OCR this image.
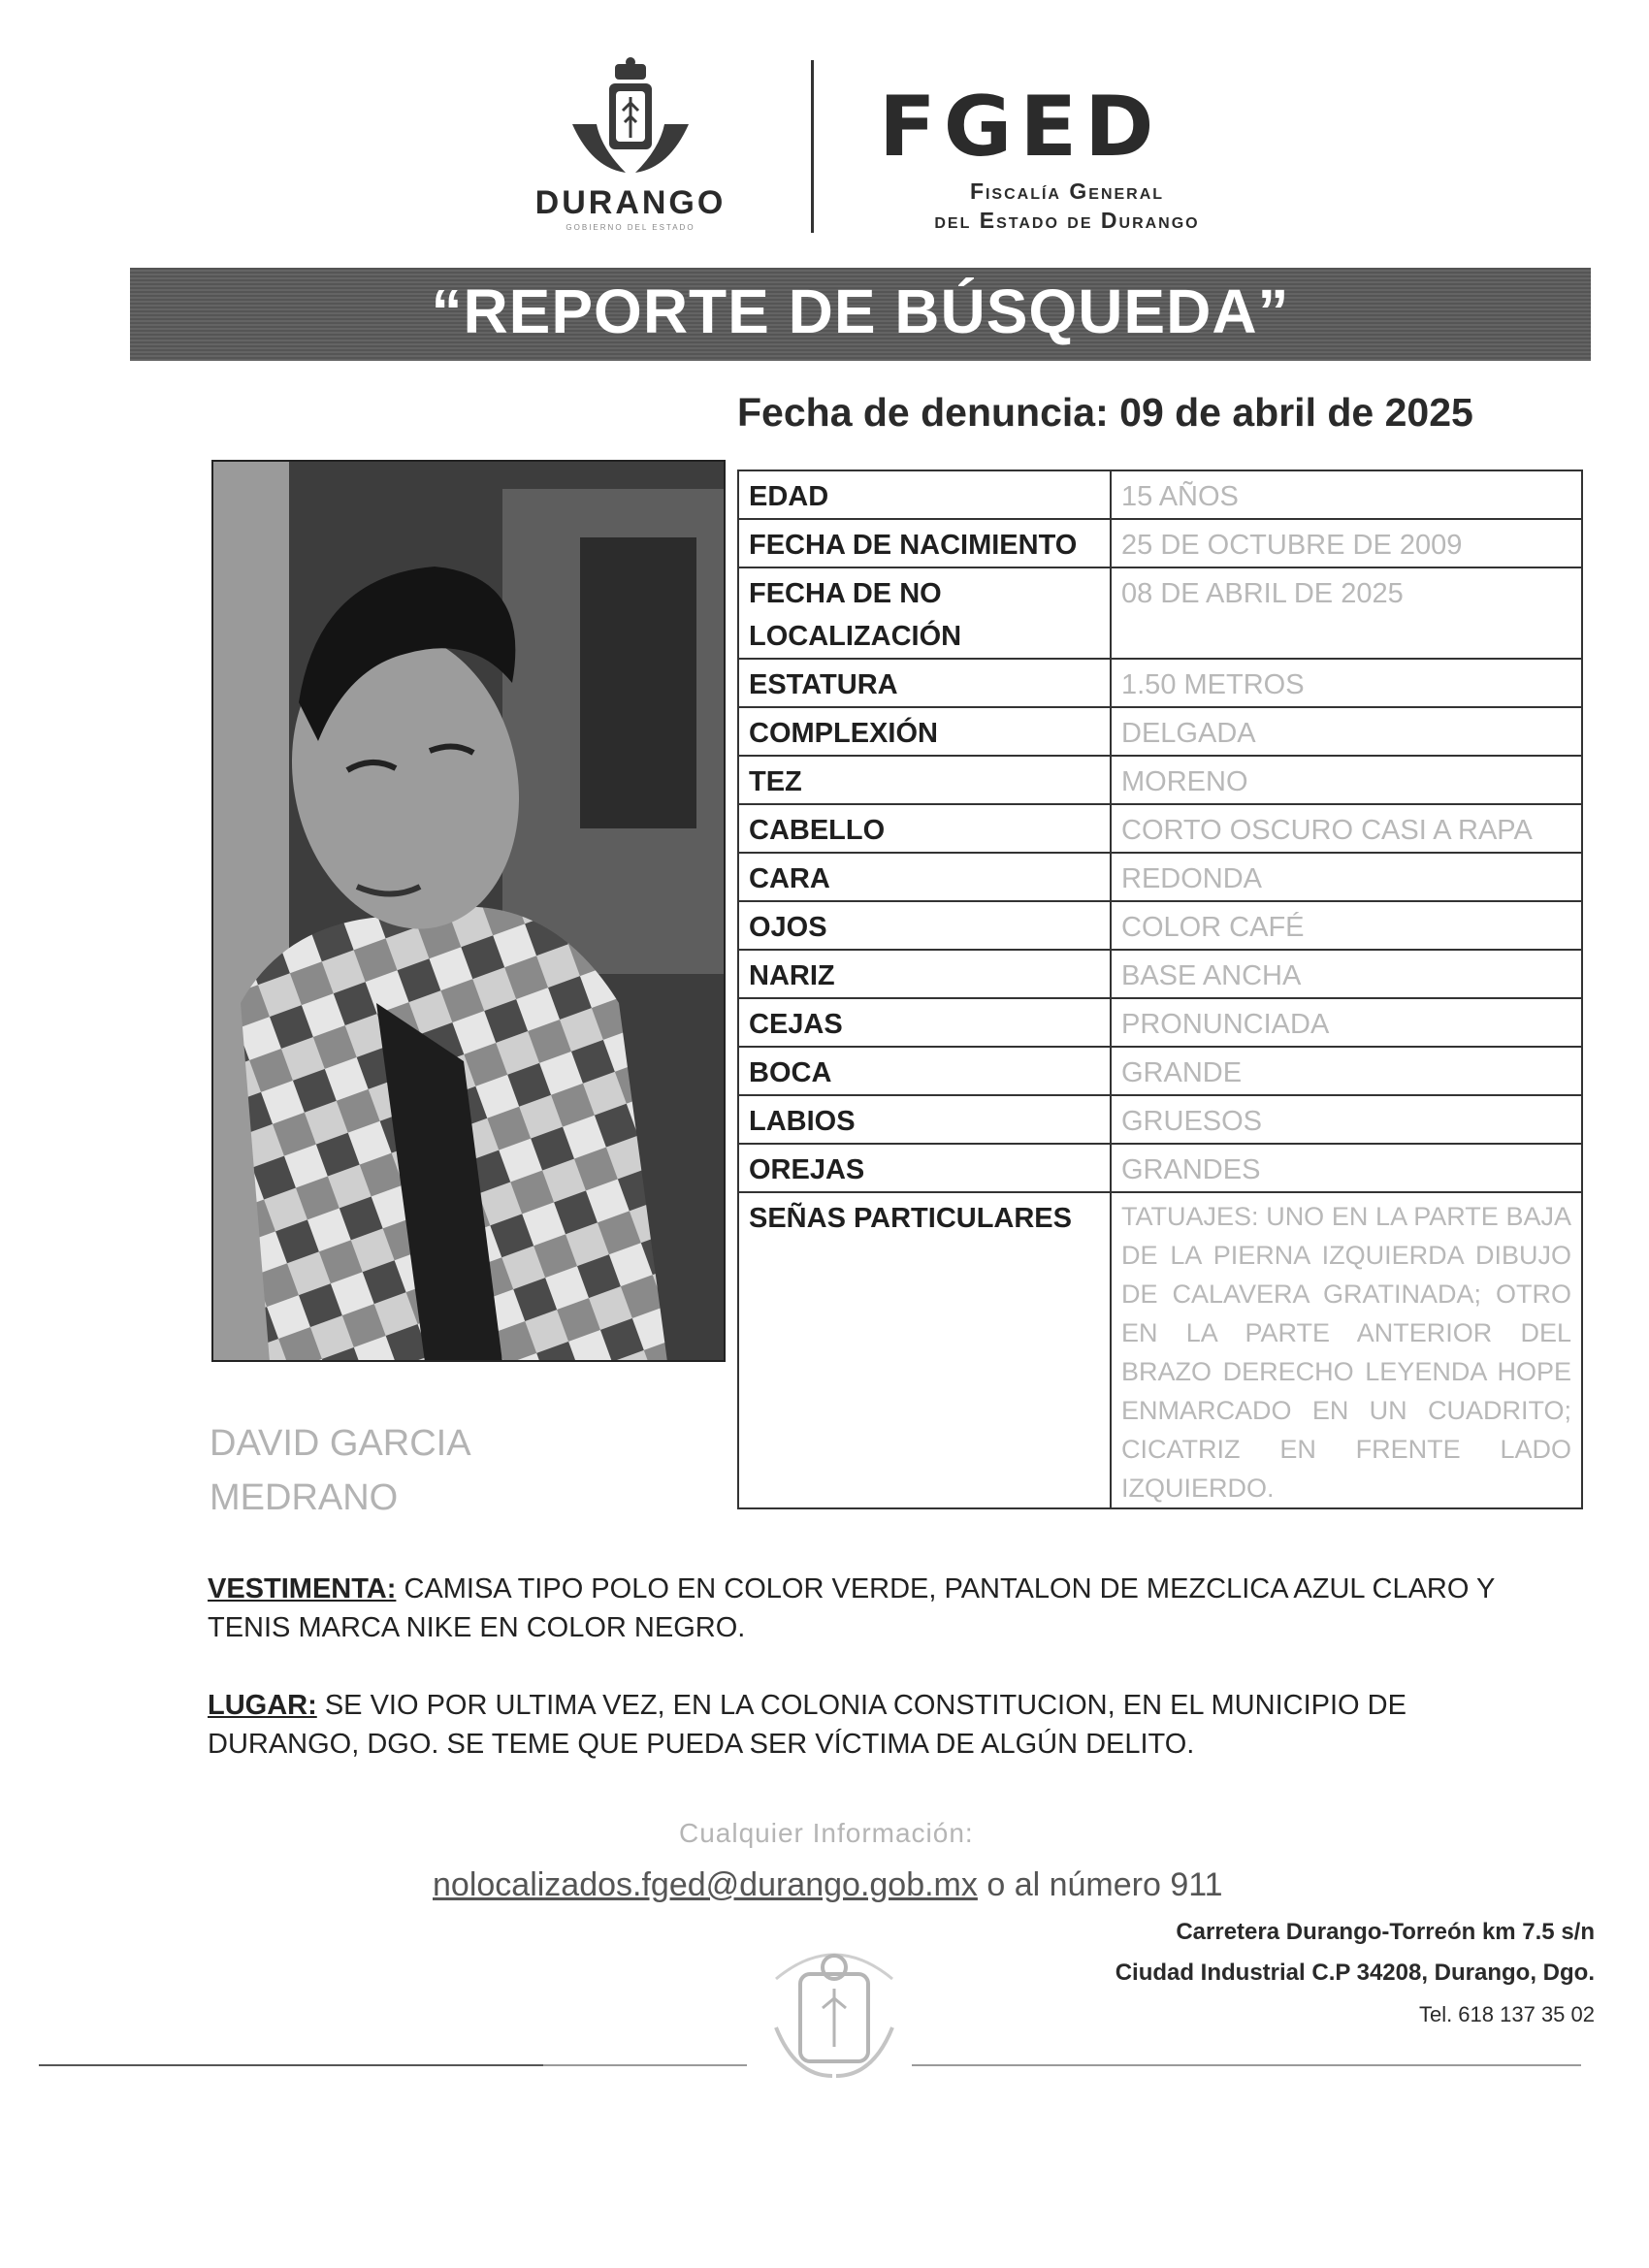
DURANGO
GOBIERNO DEL ESTADO
FGED
Fiscalía General
del Estado de Durango
“REPORTE DE BÚSQUEDA”
Fecha de denuncia: 09 de abril de 2025
EDAD	15 AÑOS
FECHA DE NACIMIENTO	25 DE OCTUBRE DE 2009
FECHA DE NO LOCALIZACIÓN	08 DE ABRIL DE 2025
ESTATURA	1.50 METROS
COMPLEXIÓN	DELGADA
TEZ	MORENO
CABELLO	CORTO OSCURO CASI A RAPA
CARA	REDONDA
OJOS	COLOR CAFÉ
NARIZ	BASE ANCHA
CEJAS	PRONUNCIADA
BOCA	GRANDE
LABIOS	GRUESOS
OREJAS	GRANDES
SEÑAS PARTICULARES	TATUAJES: UNO EN LA PARTE BAJA DE LA PIERNA IZQUIERDA DIBUJO DE CALAVERA GRATINADA; OTRO EN LA PARTE ANTERIOR DEL BRAZO DERECHO LEYENDA HOPE ENMARCADO EN UN CUADRITO; CICATRIZ EN FRENTE LADO IZQUIERDO.
DAVID GARCIA
MEDRANO
VESTIMENTA: CAMISA TIPO POLO EN COLOR VERDE, PANTALON DE MEZCLICA AZUL CLARO Y TENIS MARCA NIKE EN COLOR NEGRO.
LUGAR: SE VIO POR ULTIMA VEZ, EN LA COLONIA CONSTITUCION, EN EL MUNICIPIO DE DURANGO, DGO. SE TEME QUE PUEDA SER VÍCTIMA DE ALGÚN DELITO.
Cualquier Información:
nolocalizados.fged@durango.gob.mx o al número 911
Carretera Durango-Torreón km 7.5 s/n
Ciudad Industrial C.P 34208, Durango, Dgo.
Tel. 618 137 35 02
